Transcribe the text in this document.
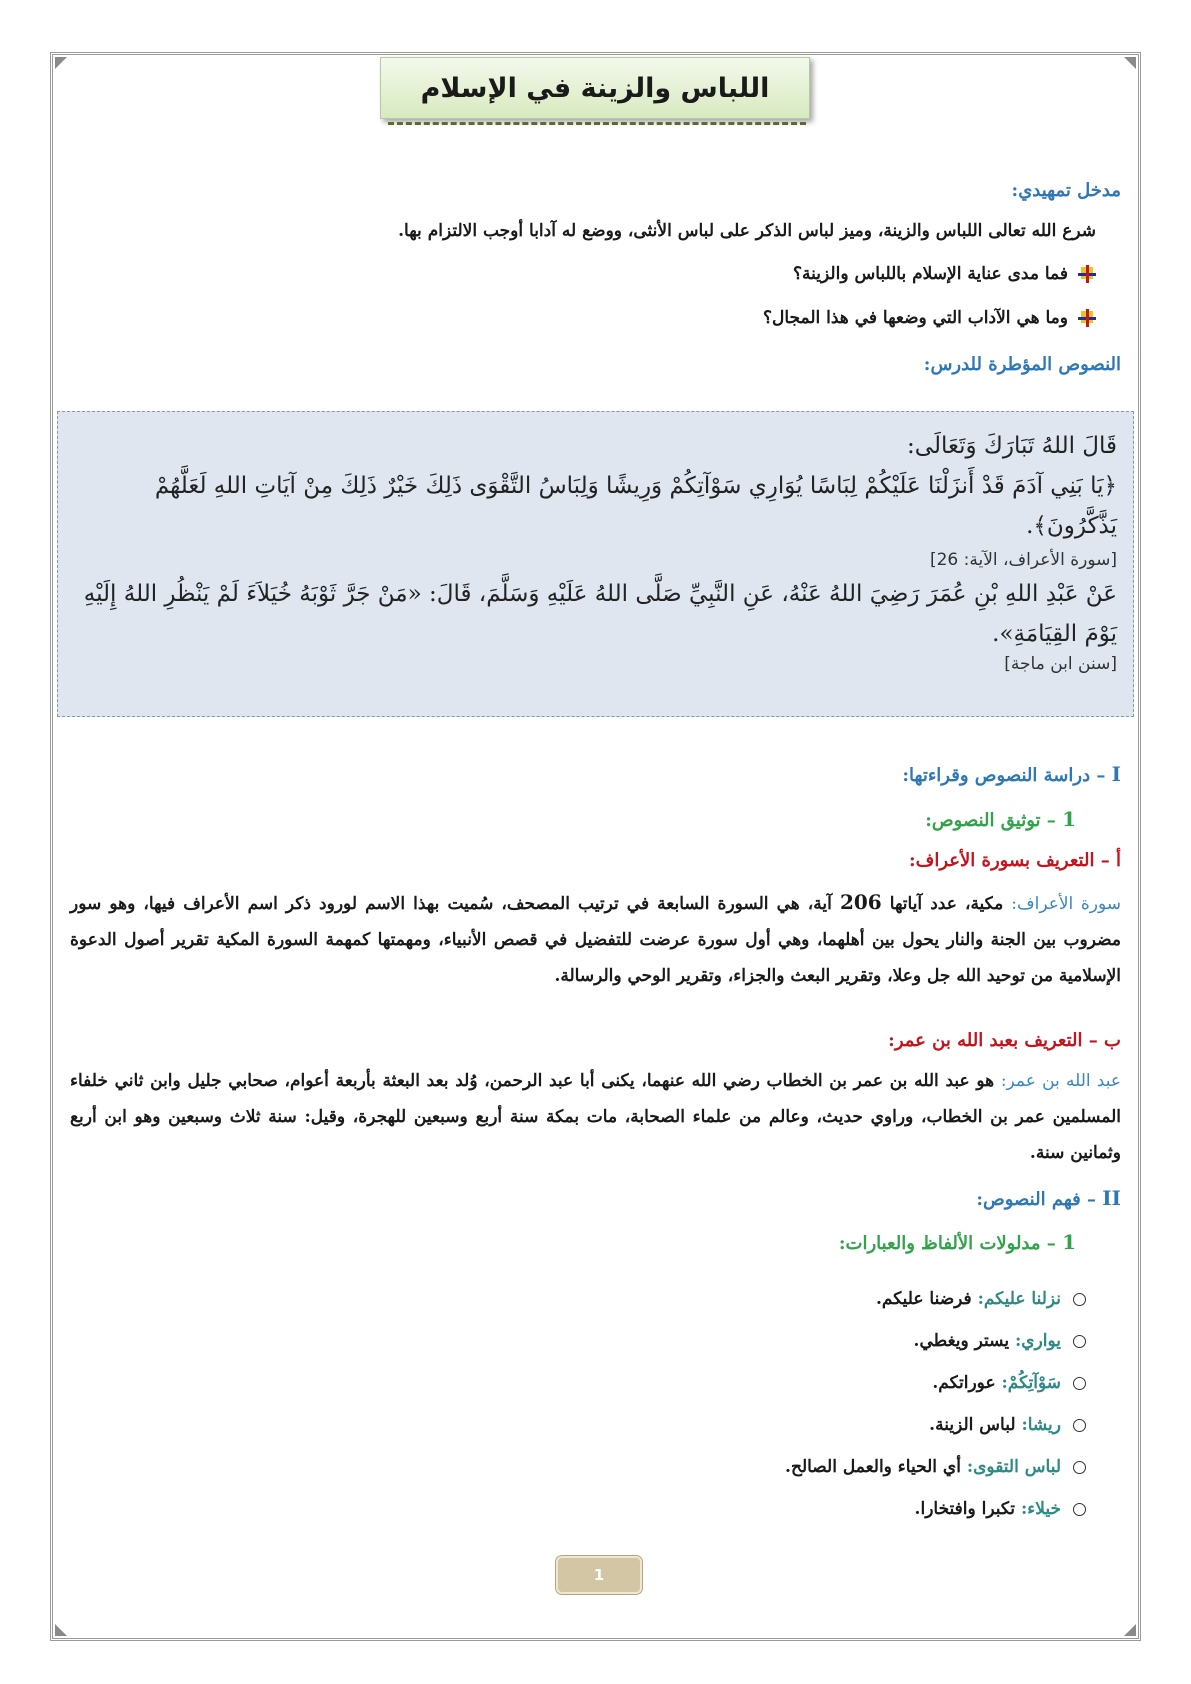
اللباس والزينة في الإسلام
مدخل تمهيدي:
شرع الله تعالى اللباس والزينة، وميز لباس الذكر على لباس الأنثى، ووضع له آدابا أوجب الالتزام بها.
فما مدى عناية الإسلام باللباس والزينة؟
وما هي الآداب التي وضعها في هذا المجال؟
النصوص المؤطرة للدرس:
قَالَ اللهُ تَبَارَكَ وَتَعَالَى:
﴿يَا بَنِي آدَمَ قَدْ أَنزَلْنَا عَلَيْكُمْ لِبَاسًا يُوَارِي سَوْآتِكُمْ وَرِيشًا وَلِبَاسُ التَّقْوَى ذَلِكَ خَيْرٌ ذَلِكَ مِنْ آيَاتِ اللهِ لَعَلَّهُمْ
يَذَّكَّرُونَ﴾.
[سورة الأعراف، الآية: 26]
عَنْ عَبْدِ اللهِ بْنِ عُمَرَ رَضِيَ اللهُ عَنْهُ، عَنِ النَّبِيِّ صَلَّى اللهُ عَلَيْهِ وَسَلَّمَ، قَالَ: «مَنْ جَرَّ ثَوْبَهُ خُيَلاَءَ لَمْ يَنْظُرِ اللهُ إِلَيْهِ يَوْمَ القِيَامَةِ».
[سنن ابن ماجة]
I – دراسة النصوص وقراءتها:
1 – توثيق النصوص:
أ – التعريف بسورة الأعراف:
سورة الأعراف: مكية، عدد آياتها 206 آية، هي السورة السابعة في ترتيب المصحف، سُميت بهذا الاسم لورود ذكر اسم الأعراف فيها، وهو سور مضروب بين الجنة والنار يحول بين أهلهما، وهي أول سورة عرضت للتفضيل في قصص الأنبياء، ومهمتها كمهمة السورة المكية تقرير أصول الدعوة الإسلامية من توحيد الله جل وعلا، وتقرير البعث والجزاء، وتقرير الوحي والرسالة.
ب – التعريف بعبد الله بن عمر:
عبد الله بن عمر: هو عبد الله بن عمر بن الخطاب رضي الله عنهما، يكنى أبا عبد الرحمن، وُلد بعد البعثة بأربعة أعوام، صحابي جليل وابن ثاني خلفاء المسلمين عمر بن الخطاب، وراوي حديث، وعالم من علماء الصحابة، مات بمكة سنة أربع وسبعين للهجرة، وقيل: سنة ثلاث وسبعين وهو ابن أربع وثمانين سنة.
II – فهم النصوص:
1 – مدلولات الألفاظ والعبارات:
نزلنا عليكم: فرضنا عليكم.
يواري: يستر ويغطي.
سَوْآتِكُمْ: عوراتكم.
ريشا: لباس الزينة.
لباس التقوى: أي الحياء والعمل الصالح.
خيلاء: تكبرا وافتخارا.
1
